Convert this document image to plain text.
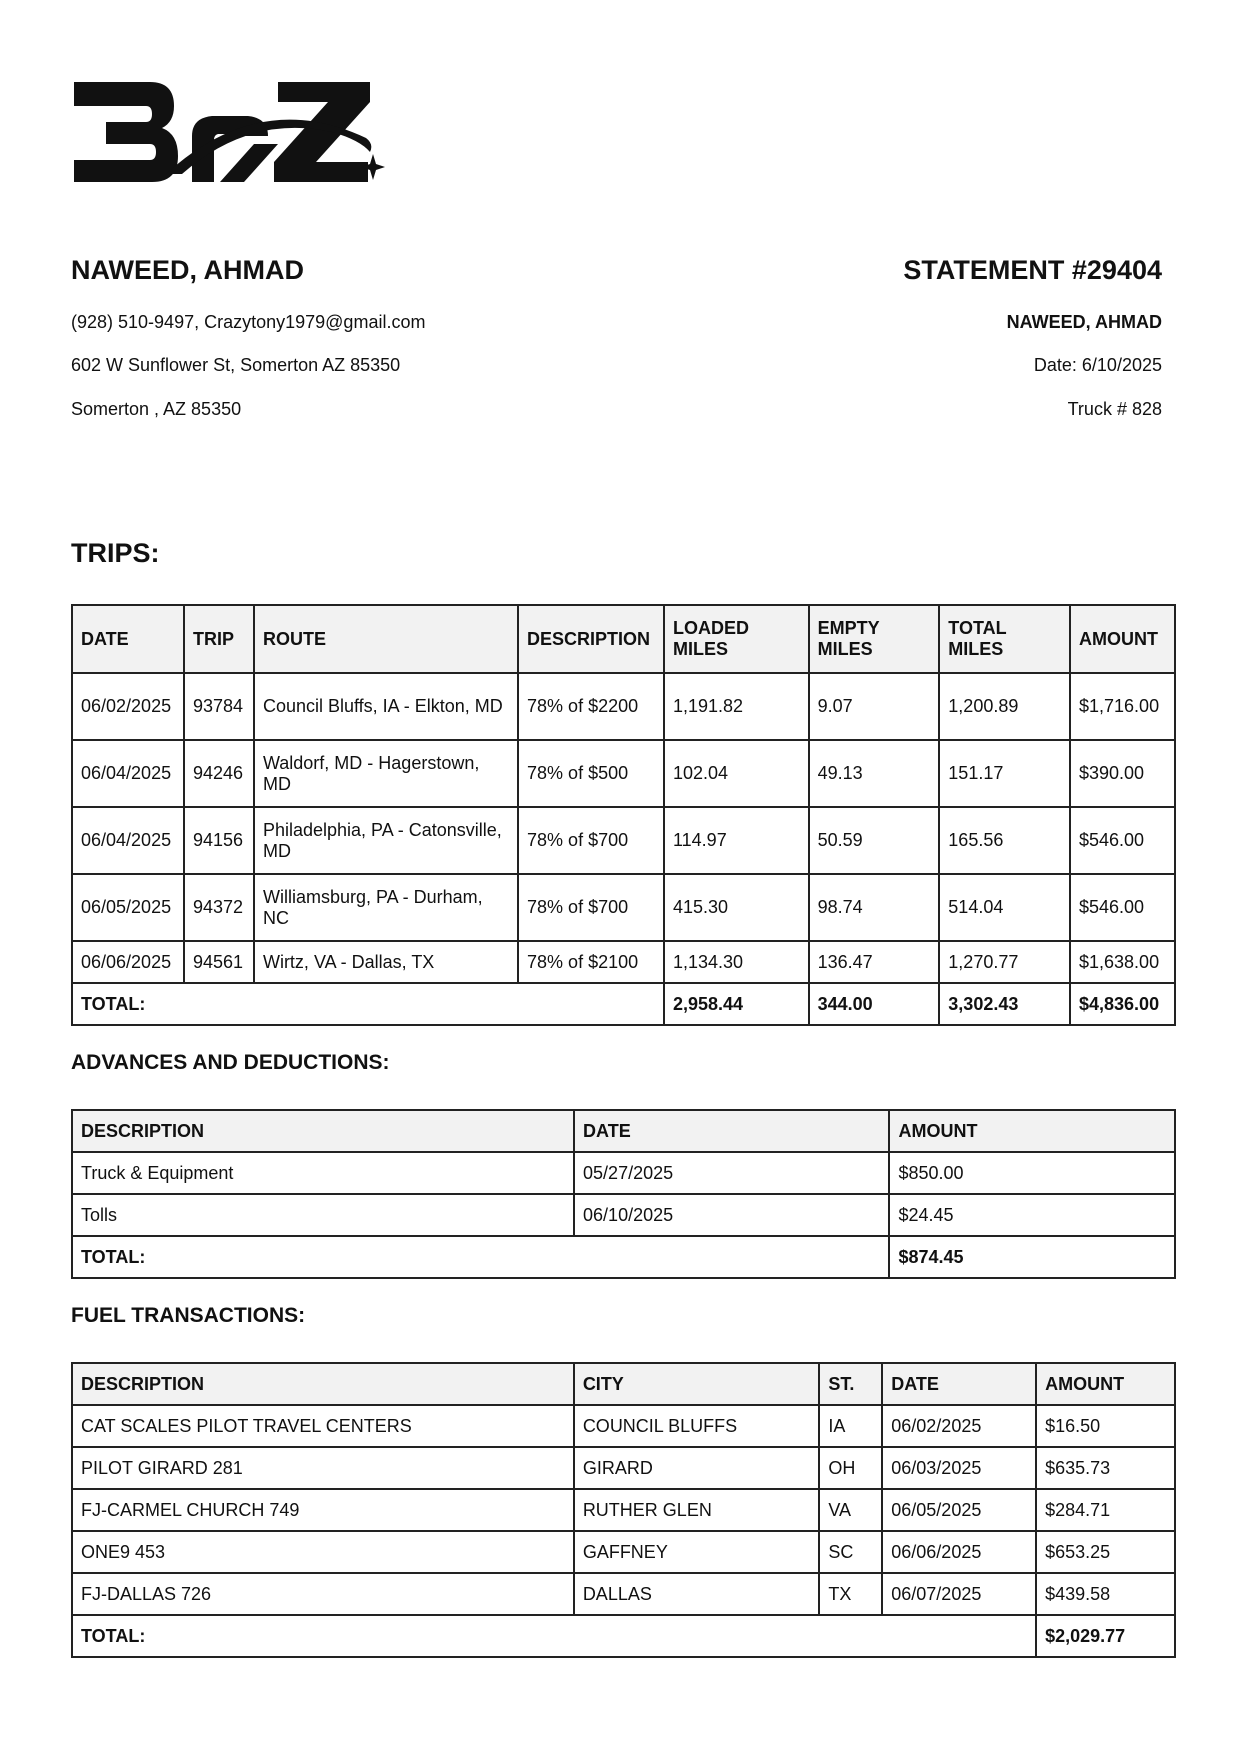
BRZ
NAWEED, AHMAD
(928) 510-9497, Crazytony1979@gmail.com
602 W Sunflower St, Somerton AZ 85350
Somerton , AZ 85350
STATEMENT #29404
NAWEED, AHMAD
Date: 6/10/2025
Truck # 828
TRIPS:
DATE	TRIP	ROUTE	DESCRIPTION	LOADED MILES	EMPTY MILES	TOTAL MILES	AMOUNT
06/02/2025	93784	Council Bluffs, IA - Elkton, MD	78% of $2200	1,191.82	9.07	1,200.89	$1,716.00
06/04/2025	94246	Waldorf, MD - Hagerstown, MD	78% of $500	102.04	49.13	151.17	$390.00
06/04/2025	94156	Philadelphia, PA - Catonsville, MD	78% of $700	114.97	50.59	165.56	$546.00
06/05/2025	94372	Williamsburg, PA - Durham, NC	78% of $700	415.30	98.74	514.04	$546.00
06/06/2025	94561	Wirtz, VA - Dallas, TX	78% of $2100	1,134.30	136.47	1,270.77	$1,638.00
TOTAL:				2,958.44	344.00	3,302.43	$4,836.00
ADVANCES AND DEDUCTIONS:
DESCRIPTION	DATE	AMOUNT
Truck & Equipment	05/27/2025	$850.00
Tolls	06/10/2025	$24.45
TOTAL:		$874.45
FUEL TRANSACTIONS:
DESCRIPTION	CITY	ST.	DATE	AMOUNT
CAT SCALES PILOT TRAVEL CENTERS	COUNCIL BLUFFS	IA	06/02/2025	$16.50
PILOT GIRARD 281	GIRARD	OH	06/03/2025	$635.73
FJ-CARMEL CHURCH 749	RUTHER GLEN	VA	06/05/2025	$284.71
ONE9 453	GAFFNEY	SC	06/06/2025	$653.25
FJ-DALLAS 726	DALLAS	TX	06/07/2025	$439.58
TOTAL:				$2,029.77
